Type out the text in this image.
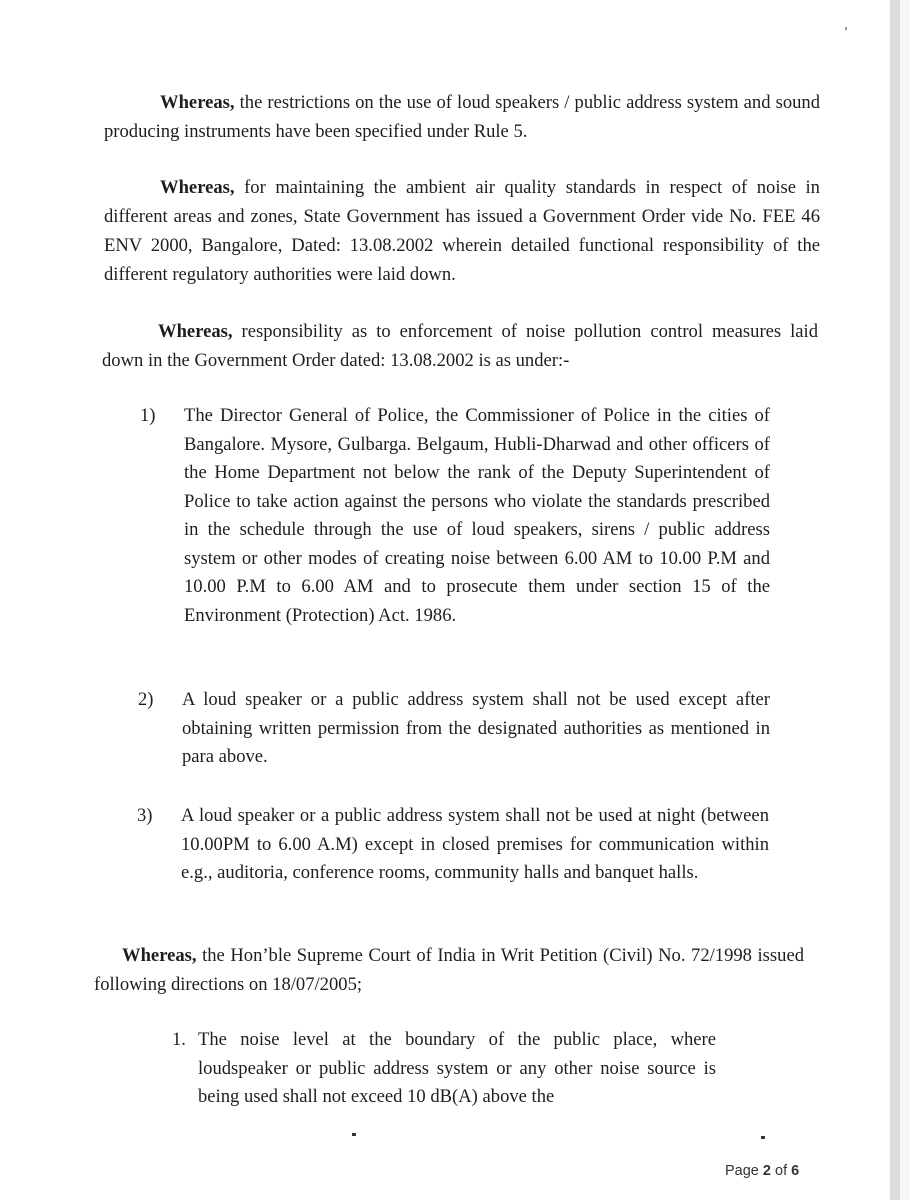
Whereas, the restrictions on the use of loud speakers / public address system and sound producing instruments have been specified under Rule 5.

Whereas, for maintaining the ambient air quality standards in respect of noise in different areas and zones, State Government has issued a Government Order vide No. FEE 46 ENV 2000, Bangalore, Dated: 13.08.2002 wherein detailed functional responsibility of the different regulatory authorities were laid down.

Whereas, responsibility as to enforcement of noise pollution control measures laid down in the Government Order dated: 13.08.2002 is as under:-

1)	The Director General of Police, the Commissioner of Police in the cities of Bangalore. Mysore, Gulbarga. Belgaum, Hubli-Dharwad and other officers of the Home Department not below the rank of the Deputy Superintendent of Police to take action against the persons who violate the standards prescribed in the schedule through the use of loud speakers, sirens / public address system or other modes of creating noise between 6.00 AM to 10.00 P.M and 10.00 P.M to 6.00 AM and to prosecute them under section 15 of the Environment (Protection) Act. 1986.

2)	A loud speaker or a public address system shall not be used except after obtaining written permission from the designated authorities as mentioned in para above.

3)	A loud speaker or a public address system shall not be used at night (between 10.00PM to 6.00 A.M) except in closed premises for communication within e.g., auditoria, conference rooms, community halls and banquet halls.

Whereas, the Hon’ble Supreme Court of India in Writ Petition (Civil) No. 72/1998 issued following directions on 18/07/2005;

1. The noise level at the boundary of the public place, where loudspeaker or public address system or any other noise source is being used shall not exceed 10 dB(A) above the

Page 2 of 6
